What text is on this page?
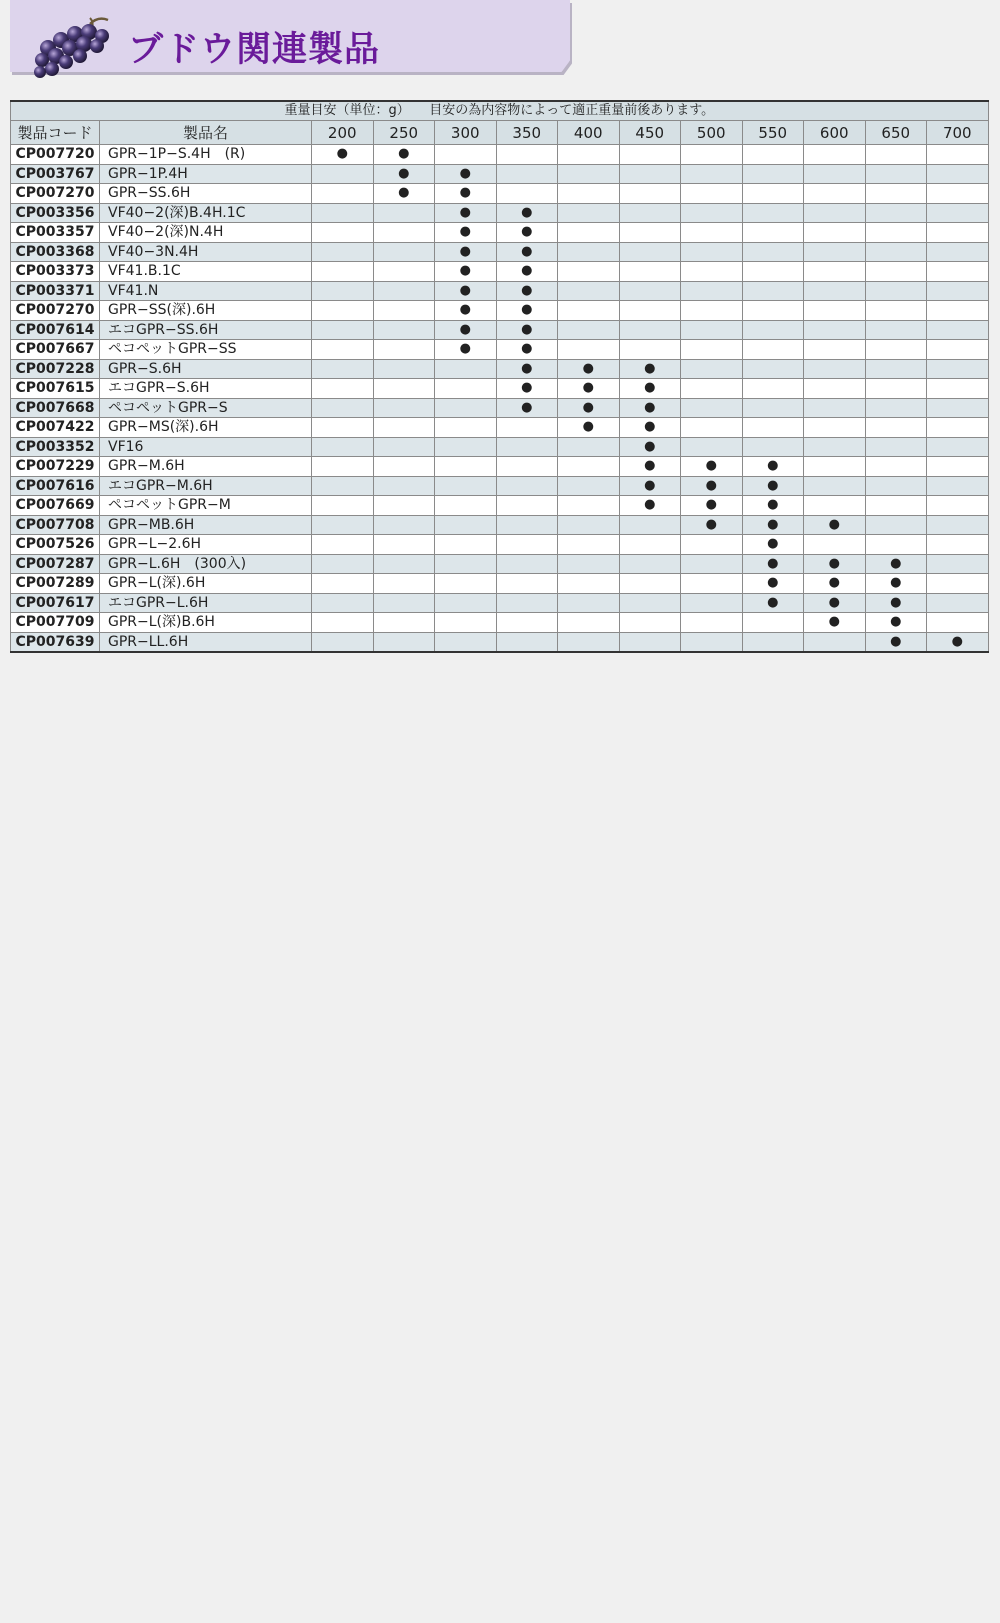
ブドウ関連製品
重量目安（単位：g）　　目安の為内容物によって適正重量前後あります。												
製品コード	製品名	200	250	300	350	400	450	500	550	600	650	700
CP007720	GPR−1P−S.4H　(R)	●	●									
CP003767	GPR−1P.4H		●	●								
CP007270	GPR−SS.6H		●	●								
CP003356	VF40−2(深)B.4H.1C			●	●							
CP003357	VF40−2(深)N.4H			●	●							
CP003368	VF40−3N.4H			●	●							
CP003373	VF41.B.1C			●	●							
CP003371	VF41.N			●	●							
CP007270	GPR−SS(深).6H			●	●							
CP007614	エコGPR−SS.6H			●	●							
CP007667	ペコペットGPR−SS			●	●							
CP007228	GPR−S.6H				●	●	●					
CP007615	エコGPR−S.6H				●	●	●					
CP007668	ペコペットGPR−S				●	●	●					
CP007422	GPR−MS(深).6H					●	●					
CP003352	VF16						●					
CP007229	GPR−M.6H						●	●	●			
CP007616	エコGPR−M.6H						●	●	●			
CP007669	ペコペットGPR−M						●	●	●			
CP007708	GPR−MB.6H							●	●	●		
CP007526	GPR−L−2.6H								●			
CP007287	GPR−L.6H　(300入)								●	●	●	
CP007289	GPR−L(深).6H								●	●	●	
CP007617	エコGPR−L.6H								●	●	●	
CP007709	GPR−L(深)B.6H									●	●	
CP007639	GPR−LL.6H										●	●
